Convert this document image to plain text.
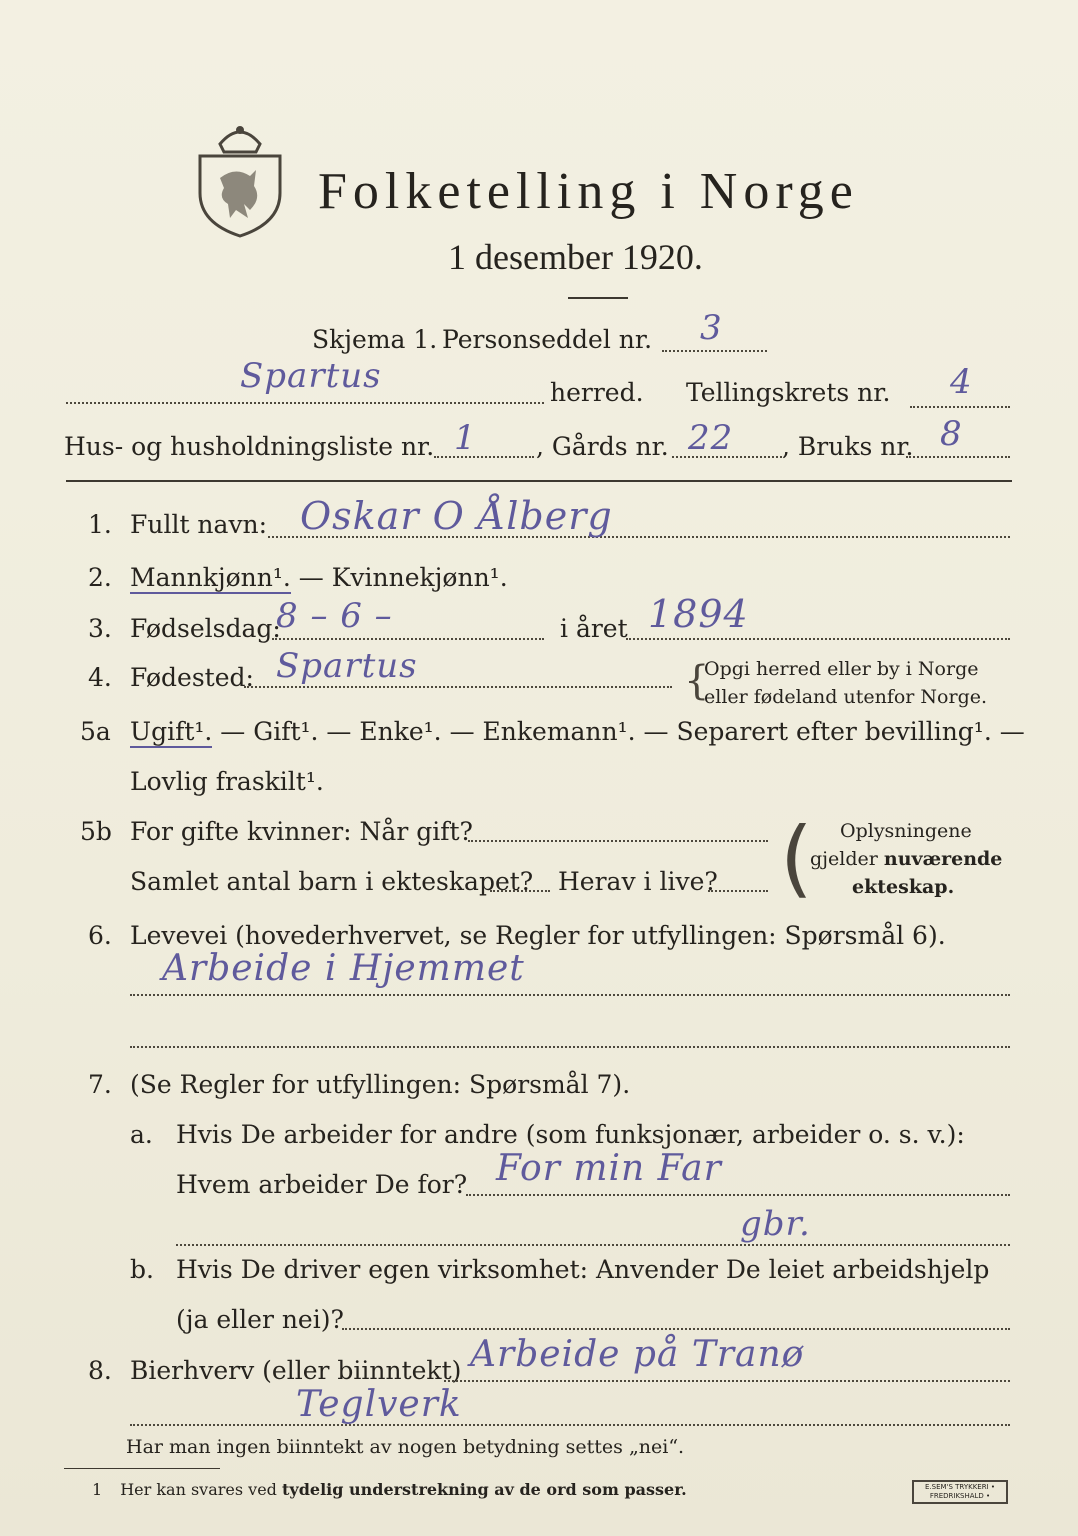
Folketelling i Norge
1 desember 1920.
Skjema 1. Personseddel nr. 3
Spartus	herred. Tellingskrets nr. 4
Hus- og husholdningsliste nr. 1 , Gårds nr. 22 , Bruks nr. 8
1. Fullt navn: Oskar O Ålberg
2. Mannkjønn¹. — Kvinnekjønn¹.
3. Fødselsdag:
8 – 6 –	i året 1894
4. Fødested: Spartus	Opgi herred eller by i Norge
eller fødeland utenfor Norge.
{
5a Ugift¹. — Gift¹. — Enke¹. — Enkemann¹. — Separert efter bevilling¹. —
Lovlig fraskilt¹.
5b For gifte kvinner: Når gift?
Samlet antal barn i ekteskapet? Herav i live? ( Oplysningene
gjelder nuværende
ekteskap.
6. Levevei (hovederhvervet, se Regler for utfyllingen: Spørsmål 6).
Arbeide i Hjemmet
7. (Se Regler for utfyllingen: Spørsmål 7).
a. Hvis De arbeider for andre (som funksjonær, arbeider o. s. v.):
Hvem arbeider De for? For min Far
gbr.
b. Hvis De driver egen virksomhet: Anvender De leiet arbeidshjelp
(ja eller nei)?
8. Bierhverv (eller biinntekt) Arbeide på Tranø
Teglverk
Har man ingen biinntekt av nogen betydning settes „nei“.
1 Her kan svares ved tydelig understrekning av de ord som passer.	E.SEM'S TRYKKERI • FREDRIKSHALD •
